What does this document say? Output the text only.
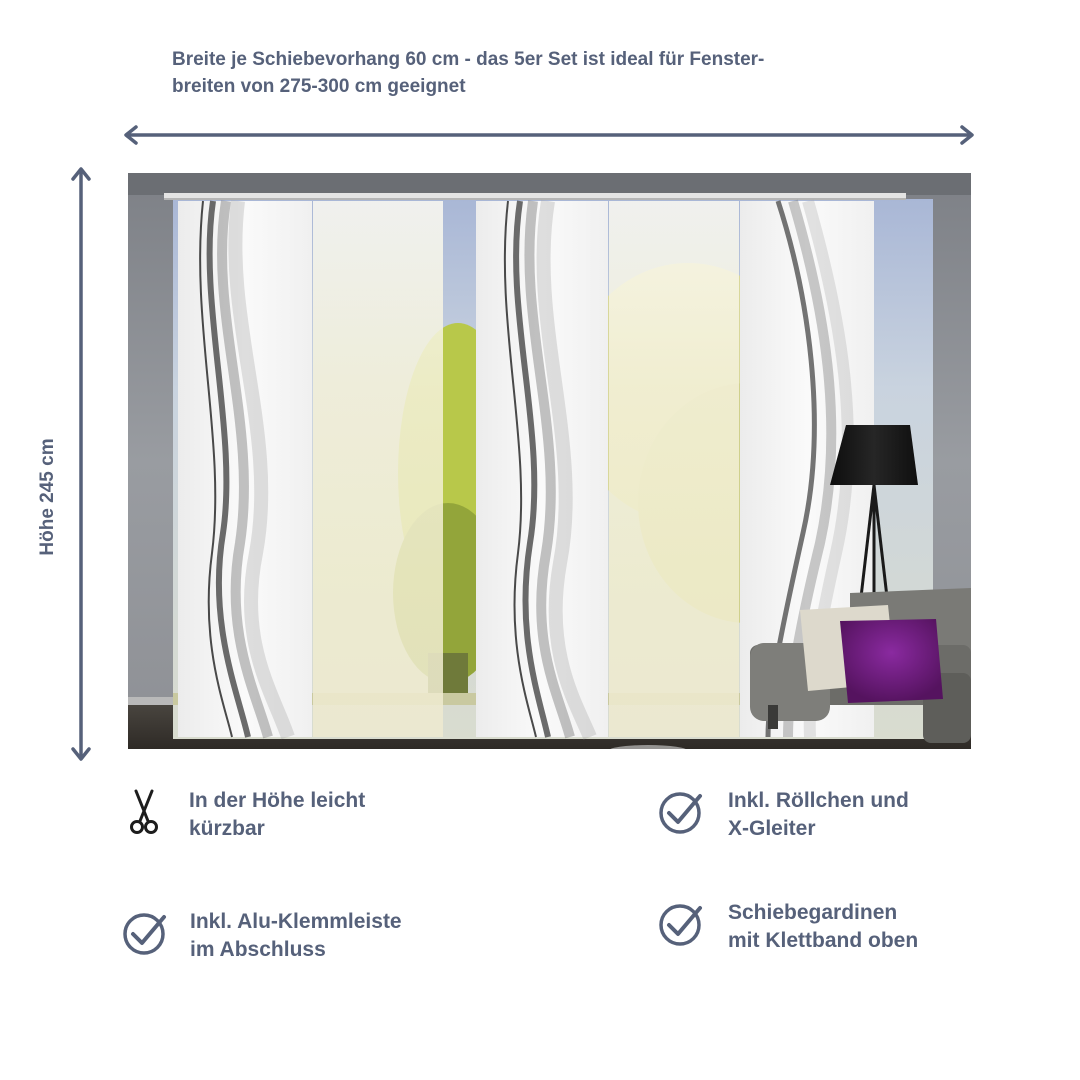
Breite je Schiebevorhang 60 cm - das 5er Set ist ideal für Fenster-
breiten von 275-300 cm geeignet
Höhe 245 cm
In der Höhe leicht
kürzbar
Inkl. Röllchen und
X-Gleiter
Inkl. Alu-Klemmleiste
im Abschluss
Schiebegardinen
mit Klettband oben
